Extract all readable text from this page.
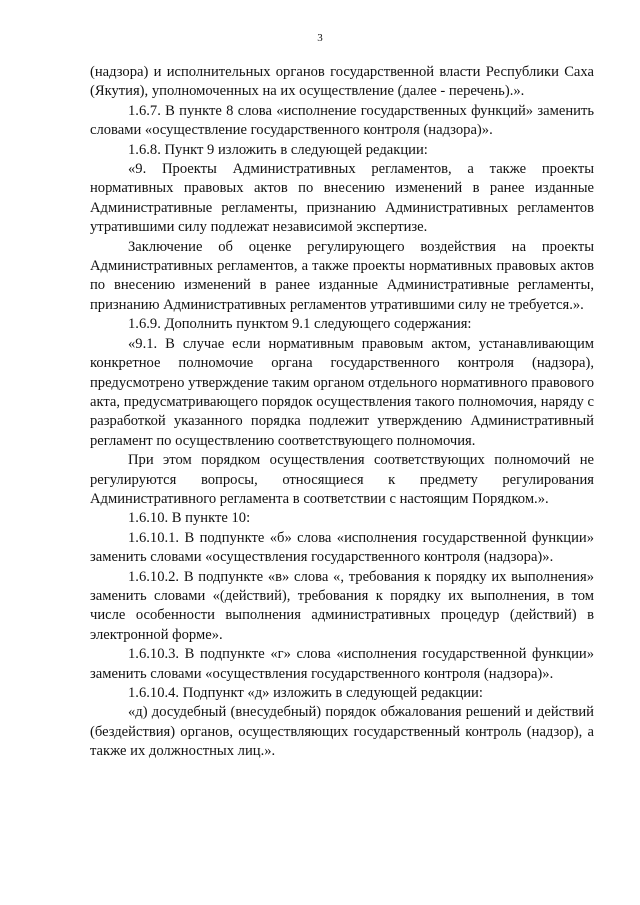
3

(надзора) и исполнительных органов государственной власти Республики Саха (Якутия), уполномоченных на их осуществление (далее - перечень).».

1.6.7. В пункте 8 слова «исполнение государственных функций» заменить словами «осуществление государственного контроля (надзора)».

1.6.8. Пункт 9 изложить в следующей редакции:

«9. Проекты Административных регламентов, а также проекты нормативных правовых актов по внесению изменений в ранее изданные Административные регламенты, признанию Административных регламентов утратившими силу подлежат независимой экспертизе.

Заключение об оценке регулирующего воздействия на проекты Административных регламентов, а также проекты нормативных правовых актов по внесению изменений в ранее изданные Административные регламенты, признанию Административных регламентов утратившими силу не требуется.».

1.6.9. Дополнить пунктом 9.1 следующего содержания:

«9.1. В случае если нормативным правовым актом, устанавливающим конкретное полномочие органа государственного контроля (надзора), предусмотрено утверждение таким органом отдельного нормативного правового акта, предусматривающего порядок осуществления такого полномочия, наряду с разработкой указанного порядка подлежит утверждению Административный регламент по осуществлению соответствующего полномочия.

При этом порядком осуществления соответствующих полномочий не регулируются вопросы, относящиеся к предмету регулирования Административного регламента в соответствии с настоящим Порядком.».

1.6.10. В пункте 10:

1.6.10.1. В подпункте «б» слова «исполнения государственной функции» заменить словами «осуществления государственного контроля (надзора)».

1.6.10.2. В подпункте «в» слова «, требования к порядку их выполнения» заменить словами «(действий), требования к порядку их выполнения, в том числе особенности выполнения административных процедур (действий) в электронной форме».

1.6.10.3. В подпункте «г» слова «исполнения государственной функции» заменить словами «осуществления государственного контроля (надзора)».

1.6.10.4. Подпункт «д» изложить в следующей редакции:

«д) досудебный (внесудебный) порядок обжалования решений и действий (бездействия) органов, осуществляющих государственный контроль (надзор), а также их должностных лиц.».
